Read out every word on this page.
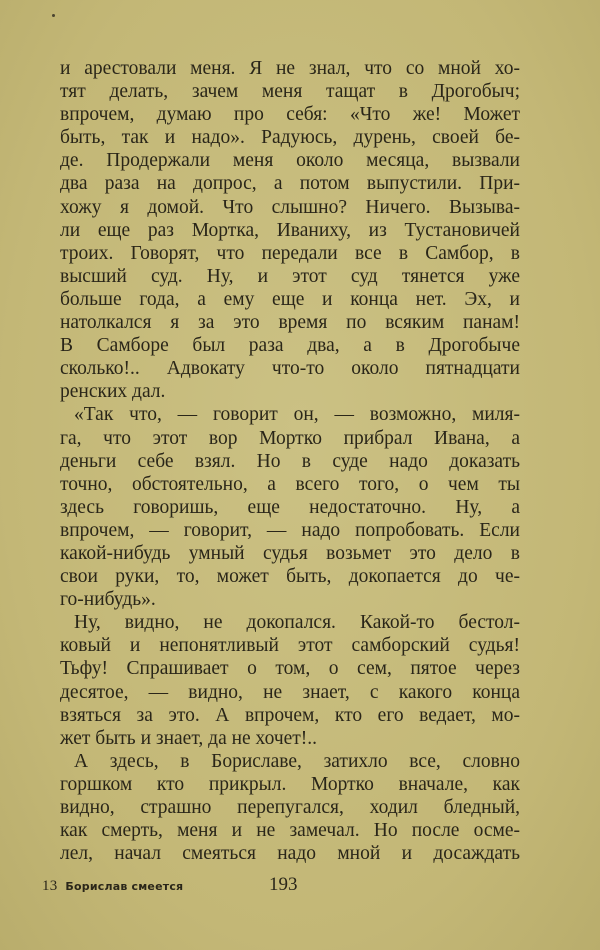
и арестовали меня. Я не знал, что со мной хо-
тят делать, зачем меня тащат в Дрогобыч;
впрочем, думаю про себя: «Что же! Может
быть, так и надо». Радуюсь, дурень, своей бе-
де. Продержали меня около месяца, вызвали
два раза на допрос, а потом выпустили. При-
хожу я домой. Что слышно? Ничего. Вызыва-
ли еще раз Мортка, Иваниху, из Тустановичей
троих. Говорят, что передали все в Самбор, в
высший суд. Ну, и этот суд тянется уже
больше года, а ему еще и конца нет. Эх, и
натолкался я за это время по всяким панам!
В Самборе был раза два, а в Дрогобыче
сколько!.. Адвокату что-то около пятнадцати
ренских дал.
«Так что, — говорит он, — возможно, миля-
га, что этот вор Мортко прибрал Ивана, а
деньги себе взял. Но в суде надо доказать
точно, обстоятельно, а всего того, о чем ты
здесь говоришь, еще недостаточно. Ну, а
впрочем, — говорит, — надо попробовать. Если
какой-нибудь умный судья возьмет это дело в
свои руки, то, может быть, докопается до че-
го-нибудь».
Ну, видно, не докопался. Какой-то бестол-
ковый и непонятливый этот самборский судья!
Тьфу! Спрашивает о том, о сем, пятое через
десятое, — видно, не знает, с какого конца
взяться за это. А впрочем, кто его ведает, мо-
жет быть и знает, да не хочет!..
А здесь, в Бориславе, затихло все, словно
горшком кто прикрыл. Мортко вначале, как
видно, страшно перепугался, ходил бледный,
как смерть, меня и не замечал. Но после осме-
лел, начал смеяться надо мной и досаждать
13 Борислав смеется	193
